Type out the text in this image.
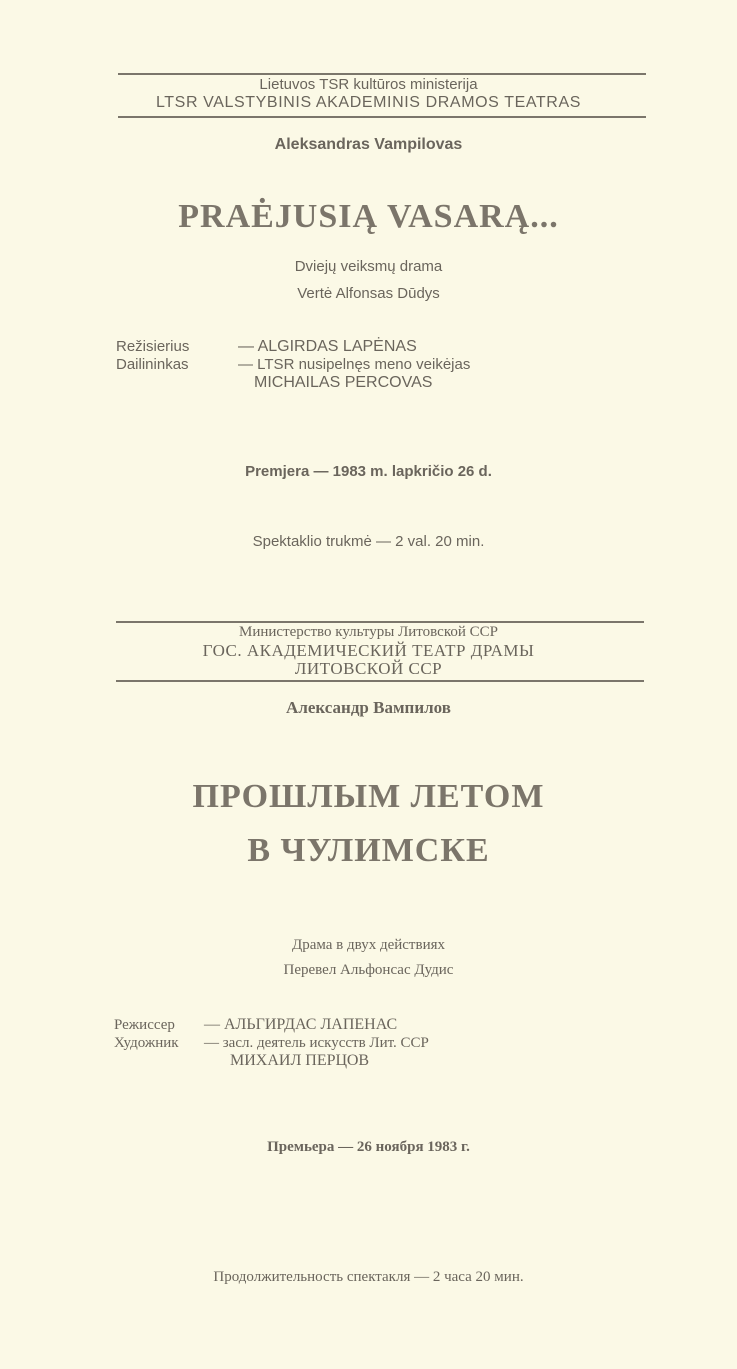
Lietuvos TSR kultūros ministerija
LTSR VALSTYBINIS AKADEMINIS DRAMOS TEATRAS
Aleksandras Vampilovas
PRAĖJUSIĄ VASARĄ...
Dviejų veiksmų drama
Vertė Alfonsas Dūdys
Režisierius	— ALGIRDAS LAPĖNAS
Dailininkas	— LTSR nusipelnęs meno veikėjas
MICHAILAS PERCOVAS
Premjera — 1983 m. lapkričio 26 d.
Spektaklio trukmė — 2 val. 20 min.
Министерство культуры Литовской ССР
ГОС. АКАДЕМИЧЕСКИЙ ТЕАТР ДРАМЫ
ЛИТОВСКОЙ ССР
Александр Вампилов
ПРОШЛЫМ ЛЕТОМ
В ЧУЛИМСКЕ
Драма в двух действиях
Перевел Альфонсас Дудис
Режиссер — АЛЬГИРДАС ЛАПЕНАС
Художник — засл. деятель искусств Лит. ССР
МИХАИЛ ПЕРЦОВ
Премьера — 26 ноября 1983 г.
Продолжительность спектакля — 2 часа 20 мин.
